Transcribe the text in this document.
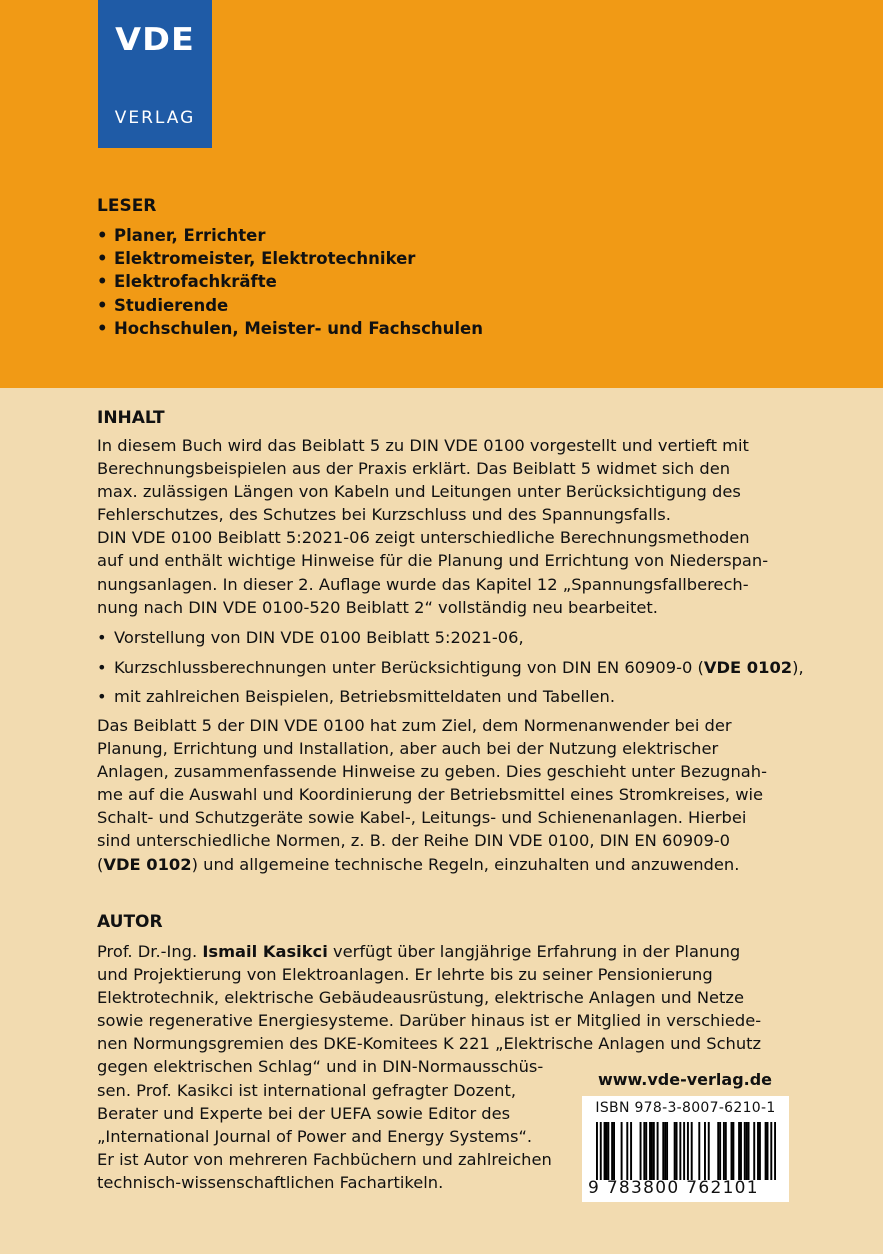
VDE
VERLAG
LESER
• Planer, Errichter
• Elektromeister, Elektrotechniker
• Elektrofachkräfte
• Studierende
• Hochschulen, Meister- und Fachschulen
INHALT
In diesem Buch wird das Beiblatt 5 zu DIN VDE 0100 vorgestellt und vertieft mit
Berechnungsbeispielen aus der Praxis erklärt. Das Beiblatt 5 widmet sich den
max. zulässigen Längen von Kabeln und Leitungen unter Berücksichtigung des
Fehlerschutzes, des Schutzes bei Kurzschluss und des Spannungsfalls.
DIN VDE 0100 Beiblatt 5:2021-06 zeigt unterschiedliche Berechnungsmethoden
auf und enthält wichtige Hinweise für die Planung und Errichtung von Niederspan-
nungsanlagen. In dieser 2. Auflage wurde das Kapitel 12 „Spannungsfallberech-
nung nach DIN VDE 0100-520 Beiblatt 2“ vollständig neu bearbeitet.
• Vorstellung von DIN VDE 0100 Beiblatt 5:2021-06,
• Kurzschlussberechnungen unter Berücksichtigung von DIN EN 60909-0 (VDE 0102),
• mit zahlreichen Beispielen, Betriebsmitteldaten und Tabellen.
Das Beiblatt 5 der DIN VDE 0100 hat zum Ziel, dem Normenanwender bei der
Planung, Errichtung und Installation, aber auch bei der Nutzung elektrischer
Anlagen, zusammenfassende Hinweise zu geben. Dies geschieht unter Bezugnah-
me auf die Auswahl und Koordinierung der Betriebsmittel eines Stromkreises, wie
Schalt- und Schutzgeräte sowie Kabel-, Leitungs- und Schienenanlagen. Hierbei
sind unterschiedliche Normen, z. B. der Reihe DIN VDE 0100, DIN EN 60909-0
(VDE 0102) und allgemeine technische Regeln, einzuhalten und anzuwenden.
AUTOR
Prof. Dr.-Ing. Ismail Kasikci verfügt über langjährige Erfahrung in der Planung
und Projektierung von Elektroanlagen. Er lehrte bis zu seiner Pensionierung
Elektrotechnik, elektrische Gebäudeausrüstung, elektrische Anlagen und Netze
sowie regenerative Energiesysteme. Darüber hinaus ist er Mitglied in verschiede-
nen Normungsgremien des DKE-Komitees K 221 „Elektrische Anlagen und Schutz
gegen elektrischen Schlag“ und in DIN-Normausschüs-
sen. Prof. Kasikci ist international gefragter Dozent,
Berater und Experte bei der UEFA sowie Editor des
„International Journal of Power and Energy Systems“.
Er ist Autor von mehreren Fachbüchern und zahlreichen
technisch-wissenschaftlichen Fachartikeln.
www.vde-verlag.de
ISBN 978-3-8007-6210-1
9 783800 762101
